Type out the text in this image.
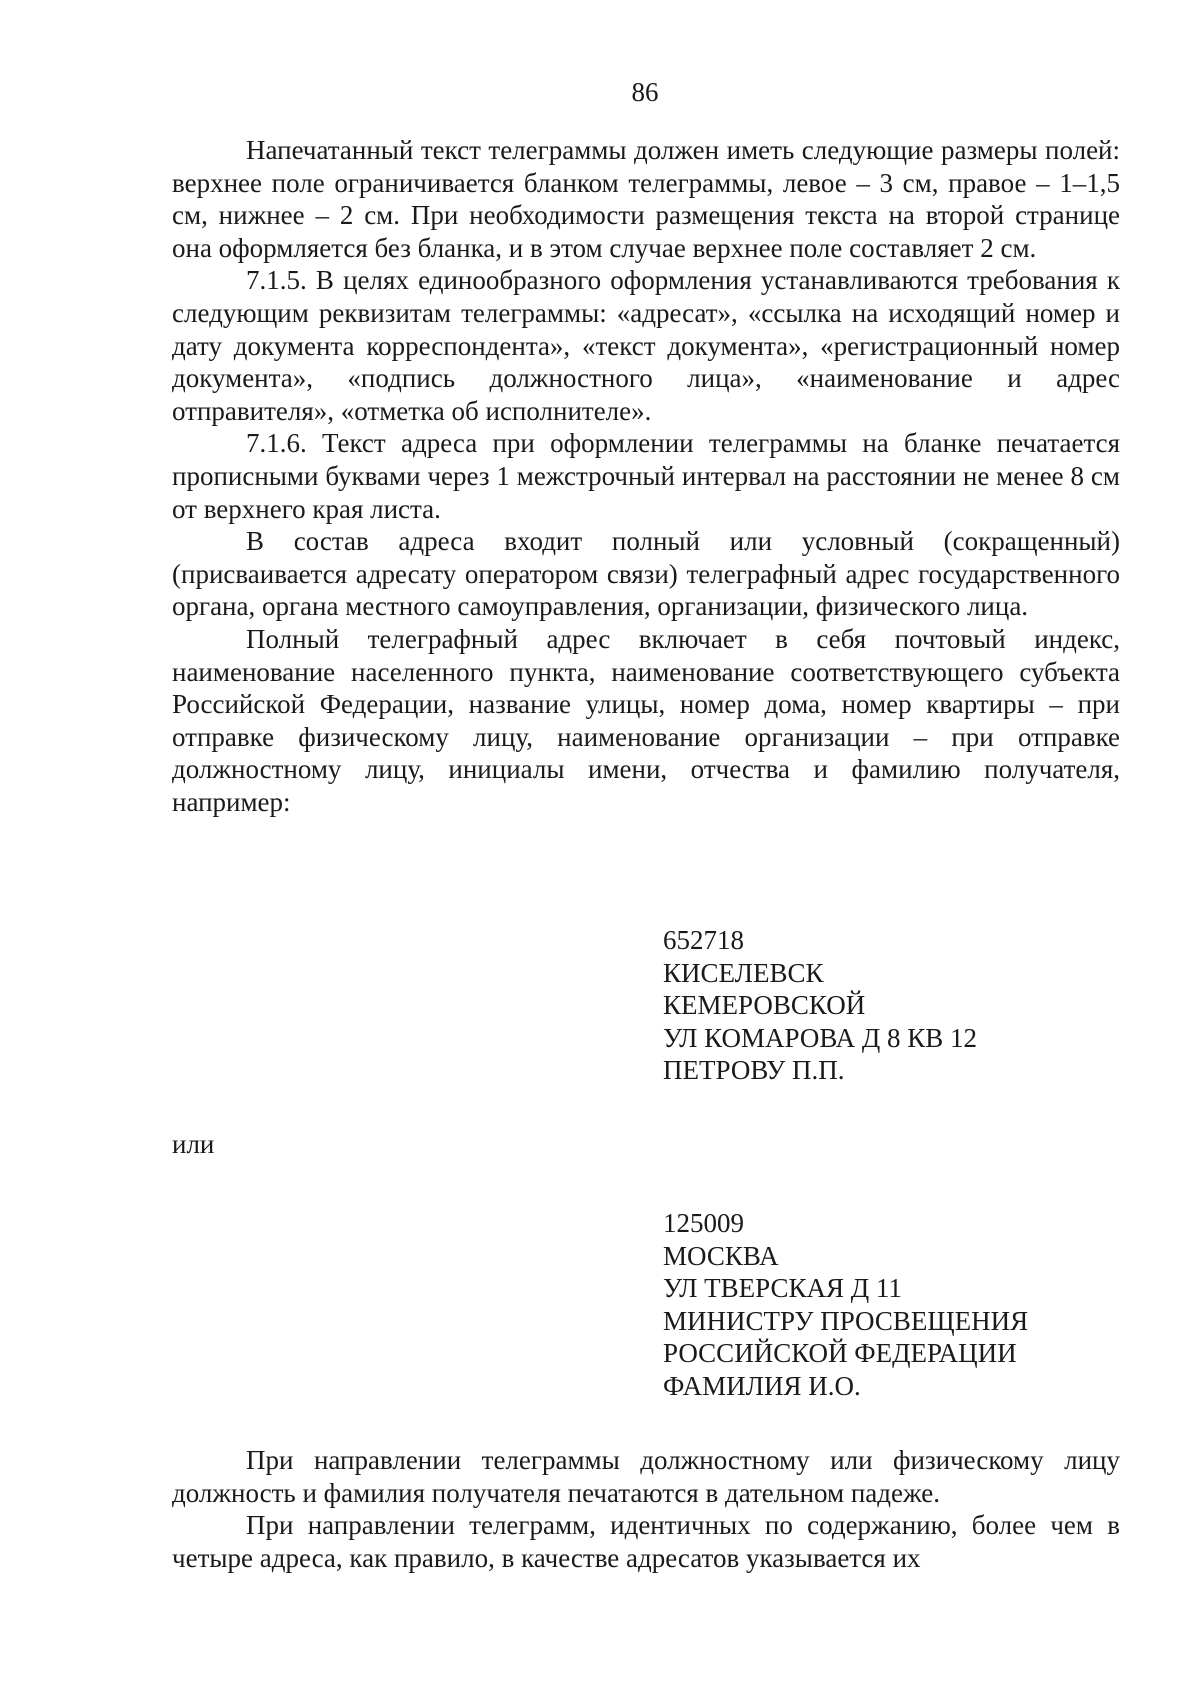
86

Напечатанный текст телеграммы должен иметь следующие размеры полей: верхнее поле ограничивается бланком телеграммы, левое – 3 см, правое – 1–1,5 см, нижнее – 2 см. При необходимости размещения текста на второй странице она оформляется без бланка, и в этом случае верхнее поле составляет 2 см.

7.1.5. В целях единообразного оформления устанавливаются требования к следующим реквизитам телеграммы: «адресат», «ссылка на исходящий номер и дату документа корреспондента», «текст документа», «регистрационный номер документа», «подпись должностного лица», «наименование и адрес отправителя», «отметка об исполнителе».

7.1.6. Текст адреса при оформлении телеграммы на бланке печатается прописными буквами через 1 межстрочный интервал на расстоянии не менее 8 см от верхнего края листа.

В состав адреса входит полный или условный (сокращенный) (присваивается адресату оператором связи) телеграфный адрес государственного органа, органа местного самоуправления, организации, физического лица.

Полный телеграфный адрес включает в себя почтовый индекс, наименование населенного пункта, наименование соответствующего субъекта Российской Федерации, название улицы, номер дома, номер квартиры – при отправке физическому лицу, наименование организации – при отправке должностному лицу, инициалы имени, отчества и фамилию получателя, например:

652718
КИСЕЛЕВСК
КЕМЕРОВСКОЙ
УЛ КОМАРОВА Д 8 КВ 12
ПЕТРОВУ П.П.
или
125009
МОСКВА
УЛ ТВЕРСКАЯ Д 11
МИНИСТРУ ПРОСВЕЩЕНИЯ
РОССИЙСКОЙ ФЕДЕРАЦИИ
ФАМИЛИЯ И.О.

При направлении телеграммы должностному или физическому лицу должность и фамилия получателя печатаются в дательном падеже.

При направлении телеграмм, идентичных по содержанию, более чем в четыре адреса, как правило, в качестве адресатов указывается их
